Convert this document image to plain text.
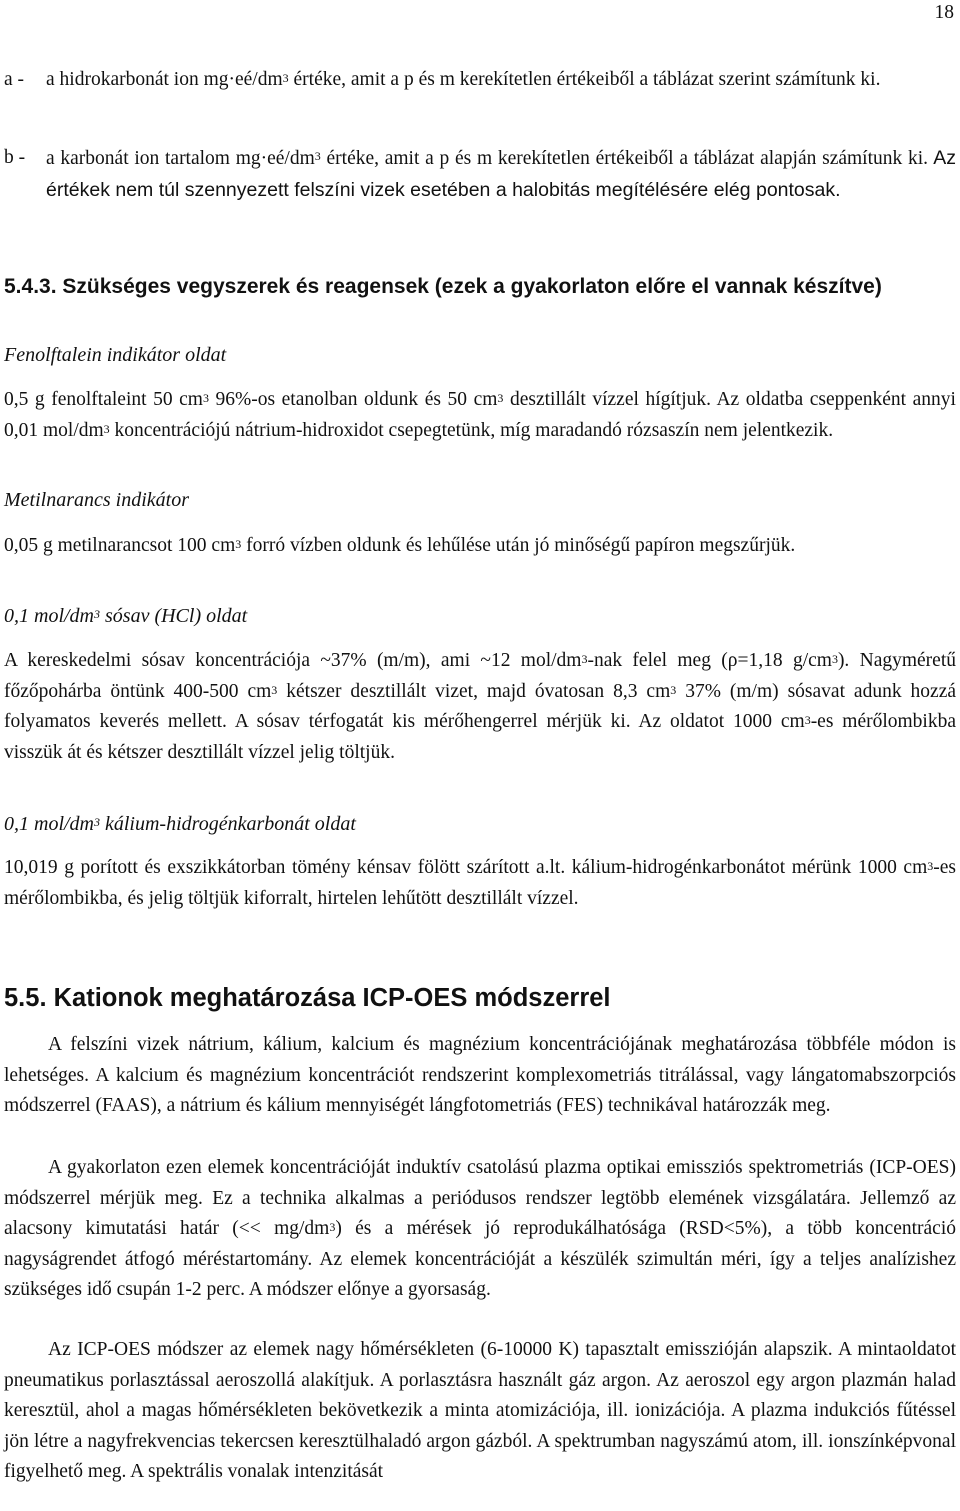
18
a -	a hidrokarbonát ion $mg\cdot eé/dm^3$ értéke, amit a p és m kerekítetlen értékeiből a táblázat szerint számítunk ki.
b -	a karbonát ion tartalom $mg\cdot eé/dm^3$ értéke, amit a p és m kerekítetlen értékeiből a táblázat alapján számítunk ki. Az értékek nem túl szennyezett felszíni vizek esetében a halobitás megítélésére elég pontosak.
5.4.3. Szükséges vegyszerek és reagensek (ezek a gyakorlaton előre el vannak készítve)
Fenolftalein indikátor oldat
0,5 g fenolftaleint 50 $cm^3$ 96%-os etanolban oldunk és 50 $cm^3$ desztillált vízzel hígítjuk. Az oldatba cseppenként annyi 0,01 mol/$dm^3$ koncentrációjú nátrium-hidroxidot csepegtetünk, míg maradandó rózsaszín nem jelentkezik.
Metilnarancs indikátor
0,05 g metilnarancsot 100 $cm^3$ forró vízben oldunk és lehűlése után jó minőségű papíron megszűrjük.
0,1 mol/$dm^3$ sósav (HCl) oldat
A kereskedelmi sósav koncentrációja ~37% (m/m), ami ~12 mol/$dm^3$-nak felel meg (ρ=1,18 $g/cm^3$). Nagyméretű főzőpohárba öntünk 400-500 $cm^3$ kétszer desztillált vizet, majd óvatosan 8,3 $cm^3$ 37% (m/m) sósavat adunk hozzá folyamatos keverés mellett. A sósav térfogatát kis mérőhengerrel mérjük ki. Az oldatot 1000 $cm^3-es$ mérőlombikba visszük át és kétszer desztillált vízzel jelig töltjük.
0,1 mol/$dm^3$ kálium-hidrogénkarbonát oldat
10,019 g porított és exszikkátorban tömény kénsav fölött szárított a.lt. kálium-hidrogénkarbonátot mérünk 1000 $cm^3-es$ mérőlombikba, és jelig töltjük kiforralt, hirtelen lehűtött desztillált vízzel.
5.5. Kationok meghatározása ICP-OES módszerrel
A felszíni vizek nátrium, kálium, kalcium és magnézium koncentrációjának meghatározása többféle módon is lehetséges. A kalcium és magnézium koncentrációt rendszerint komplexometriás titrálással, vagy lángatomabszorpciós módszerrel (FAAS), a nátrium és kálium mennyiségét lángfotometriás (FES) technikával határozzák meg.
A gyakorlaton ezen elemek koncentrációját induktív csatolású plazma optikai emissziós spektrometriás (ICP-OES) módszerrel mérjük meg. Ez a technika alkalmas a periódusos rendszer legtöbb elemének vizsgálatára. Jellemző az alacsony kimutatási határ (<< $mg/dm^3$) és a mérések jó reprodukálhatósága (RSD<5%), a több koncentráció nagyságrendet átfogó méréstartomány. Az elemek koncentrációját a készülék szimultán méri, így a teljes analízishez szükséges idő csupán 1-2 perc. A módszer előnye a gyorsaság.
Az ICP-OES módszer az elemek nagy hőmérsékleten (6-10000 K) tapasztalt emisszióján alapszik. A mintaoldatot pneumatikus porlasztással aeroszollá alakítjuk. A porlasztásra használt gáz argon. Az aeroszol egy argon plazmán halad keresztül, ahol a magas hőmérsékleten bekövetkezik a minta atomizációja, ill. ionizációja. A plazma indukciós fűtéssel jön létre a nagyfrekvencias tekercsen keresztülhaladó argon gázból. A spektrumban nagyszámú atom, ill. ionszínképvonal figyelhető meg. A spektrális vonalak intenzitását
